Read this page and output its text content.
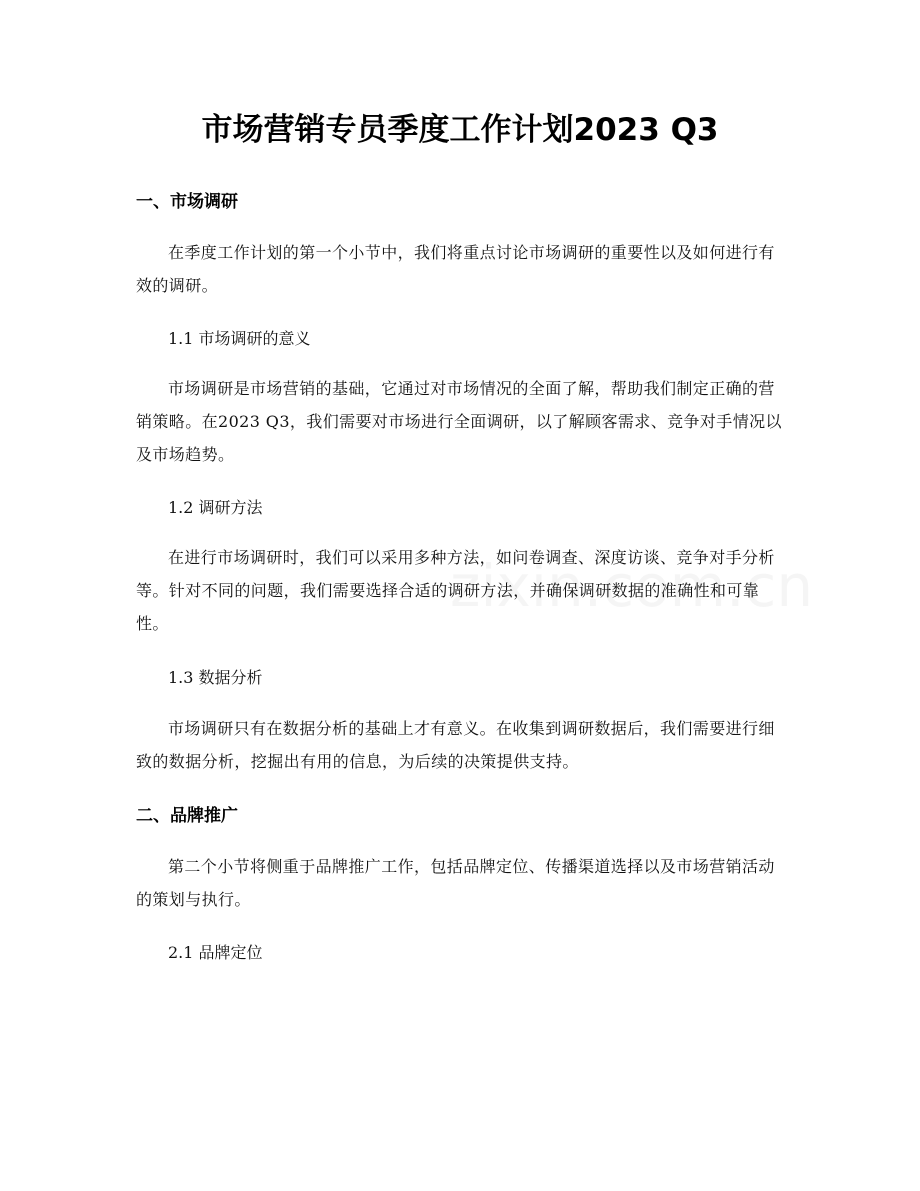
市场营销专员季度工作计划2023 Q3
一、市场调研

在季度工作计划的第一个小节中，我们将重点讨论市场调研的重要性以及如何进行有效的调研。

1.1 市场调研的意义

市场调研是市场营销的基础，它通过对市场情况的全面了解，帮助我们制定正确的营销策略。在2023 Q3，我们需要对市场进行全面调研，以了解顾客需求、竞争对手情况以及市场趋势。

1.2 调研方法

在进行市场调研时，我们可以采用多种方法，如问卷调查、深度访谈、竞争对手分析等。针对不同的问题，我们需要选择合适的调研方法，并确保调研数据的准确性和可靠性。

1.3 数据分析

市场调研只有在数据分析的基础上才有意义。在收集到调研数据后，我们需要进行细致的数据分析，挖掘出有用的信息，为后续的决策提供支持。

二、品牌推广

第二个小节将侧重于品牌推广工作，包括品牌定位、传播渠道选择以及市场营销活动的策划与执行。

2.1 品牌定位
